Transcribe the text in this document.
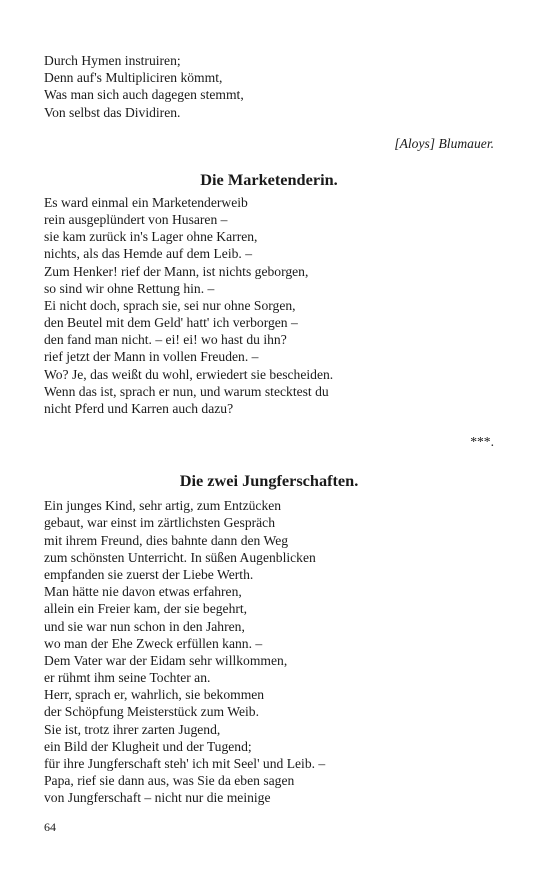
Durch Hymen instruiren;
Denn auf's Multipliciren kömmt,
Was man sich auch dagegen stemmt,
Von selbst das Dividiren.
[Aloys] Blumauer.
Die Marketenderin.
Es ward einmal ein Marketenderweib
rein ausgeplündert von Husaren –
sie kam zurück in's Lager ohne Karren,
nichts, als das Hemde auf dem Leib. –
Zum Henker! rief der Mann, ist nichts geborgen,
so sind wir ohne Rettung hin. –
Ei nicht doch, sprach sie, sei nur ohne Sorgen,
den Beutel mit dem Geld' hatt' ich verborgen –
den fand man nicht. – ei! ei! wo hast du ihn?
rief jetzt der Mann in vollen Freuden. –
Wo? Je, das weißt du wohl, erwiedert sie bescheiden.
Wenn das ist, sprach er nun, und warum stecktest du
nicht Pferd und Karren auch dazu?
***.
Die zwei Jungferschaften.
Ein junges Kind, sehr artig, zum Entzücken
gebaut, war einst im zärtlichsten Gespräch
mit ihrem Freund, dies bahnte dann den Weg
zum schönsten Unterricht. In süßen Augenblicken
empfanden sie zuerst der Liebe Werth.
Man hätte nie davon etwas erfahren,
allein ein Freier kam, der sie begehrt,
und sie war nun schon in den Jahren,
wo man der Ehe Zweck erfüllen kann. –
Dem Vater war der Eidam sehr willkommen,
er rühmt ihm seine Tochter an.
Herr, sprach er, wahrlich, sie bekommen
der Schöpfung Meisterstück zum Weib.
Sie ist, trotz ihrer zarten Jugend,
ein Bild der Klugheit und der Tugend;
für ihre Jungferschaft steh' ich mit Seel' und Leib. –
Papa, rief sie dann aus, was Sie da eben sagen
von Jungferschaft – nicht nur die meinige
64
